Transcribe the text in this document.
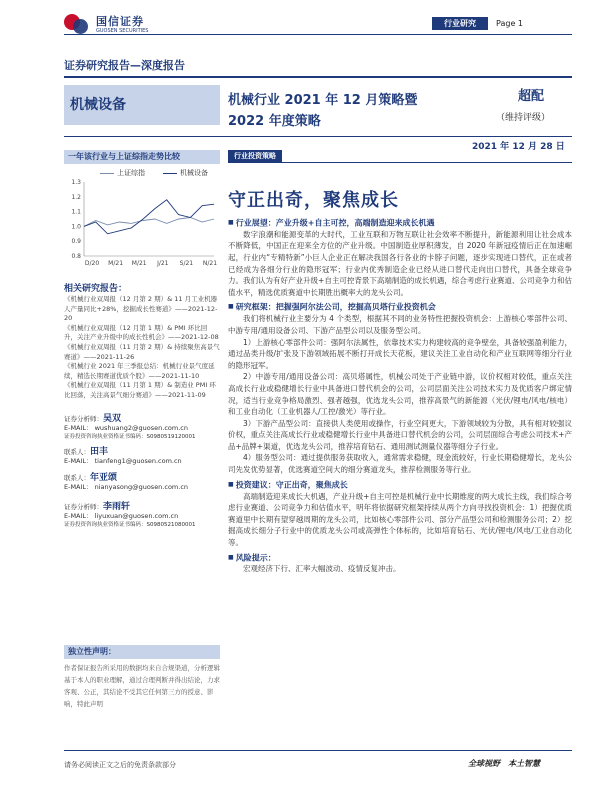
国信证券
GUOSEN SECURITIES
行业研究	Page 1
证券研究报告—深度报告
机械设备	机械行业 2021 年 12 月策略暨
2022 年度策略
超配
（维持评级）
2021 年 12 月 28 日
一年该行业与上证综指走势比较
上证综指	机械设备
0.8
0.9
1.0
1.1
1.2
1.3
D/20 M/21 M/21 J/21 S/21 N/21
相关研究报告：
《机械行业双周报（12 月第 2 期）& 11 月工业机器人产量同比+28%，挖掘成长性赛道》——2021-12-20
《机械行业双周报（12 月第 1 期）& PMI 环比回升，关注产业升级中的成长性机会》——2021-12-08
《机械行业双周报（11 月第 2 期）& 持续聚焦高景气赛道》——2021-11-26
《机械行业 2021 年三季报总结：机械行业景气度延续，精选长期赛道优质个股》——2021-11-10
《机械行业双周报（11 月第 1 期）& 制造业 PMI 环比回落，关注高景气细分赛道》——2021-11-09
证券分析师：吴双
E-MAIL： wushuang2@guosen.com.cn
证券投资咨询执业资格证书编码：S0980519120001
联系人：田丰
E-MAIL： tianfeng1@guosen.com.cn
联系人：年亚颂
E-MAIL： nianyasong@guosen.com.cn
证券分析师：李雨轩
E-MAIL： liyuxuan@guosen.com.cn
证券投资咨询执业资格证书编码：S0980521080001
独立性声明：
作者保证报告所采用的数据均来自合规渠道，分析逻辑基于本人的职业理解，通过合理判断并得出结论，力求客观、公正，其结论不受其它任何第三方的授意、影响，特此声明
行业投资策略
守正出奇，聚焦成长
■ 行业展望：产业升级+自主可控，高端制造迎来成长机遇

数字浪潮和能源变革的大时代，工业互联和万物互联让社会效率不断提升，新能源利用让社会成本不断降低，中国正在迎来全方位的产业升级。中国制造业厚积薄发，自 2020 年新冠疫情后正在加速崛起，行业内“专精特新”小巨人企业正在解决我国各行各业的卡脖子问题，逐步实现进口替代，正在或者已经成为各细分行业的隐形冠军；行业内优秀制造企业已经从进口替代走向出口替代，具备全球竞争力。我们认为有好产业升级+自主可控背景下高端制造的成长机遇，综合考虑行业赛道、公司竞争力和估值水平，精选优质赛道中长期胜出概率大的龙头公司。

■ 研究框架：把握强阿尔法公司，挖掘高贝塔行业投资机会

我们将机械行业主要分为 4 个类型，根据其不同的业务特性把握投资机会：上游核心零部件公司、中游专用/通用设备公司、下游产品型公司以及服务型公司。

1）上游核心零部件公司：强阿尔法属性，依靠技术实力构建较高的竞争壁垒，具备较强盈利能力，通过品类升级/扩张及下游领域拓展不断打开成长天花板，建议关注工业自动化和产业互联网等细分行业的隐形冠军。

2）中游专用/通用设备公司：高贝塔属性，机械公司处于产业链中游，议价权相对较低，重点关注高成长行业或稳健增长行业中具备进口替代机会的公司，公司层面关注公司技术实力及优质客户绑定情况，适当行业竞争格局激烈、强者越强，优选龙头公司，推荐高景气的新能源（光伏/锂电/风电/核电）和工业自动化（工业机器人/工控/激光）等行业。

3）下游产品型公司：直接供人类使用或操作，行业空间更大，下游领域较为分散，具有相对较强议价权，重点关注高成长行业或稳健增长行业中具备进口替代机会的公司，公司层面综合考虑公司技术+产品+品牌+渠道，优选龙头公司，推荐培育钻石、通用测试测量仪器等细分子行业。

4）服务型公司：通过提供服务获取收入，通常需求稳健，现金流较好，行业长期稳健增长，龙头公司先发优势显著，优选赛道空间大的细分赛道龙头，推荐检测服务等行业。

■ 投资建议：守正出奇，聚焦成长

高端制造迎来成长大机遇，产业升级+自主可控是机械行业中长期维度的两大成长主线，我们综合考虑行业赛道、公司竞争力和估值水平，明年将依据研究框架持续从两个方向寻找投资机会：1）把握优质赛道里中长期有望穿越周期的龙头公司，比如核心零部件公司、部分产品型公司和检测服务公司；2）挖掘高成长细分子行业中的优质龙头公司或高弹性个体标的，比如培育钻石、光伏/锂电/风电/工业自动化等。

■ 风险提示：

宏观经济下行、汇率大幅波动、疫情反复冲击。

请务必阅读正文之后的免责条款部分	全球视野　本土智慧
